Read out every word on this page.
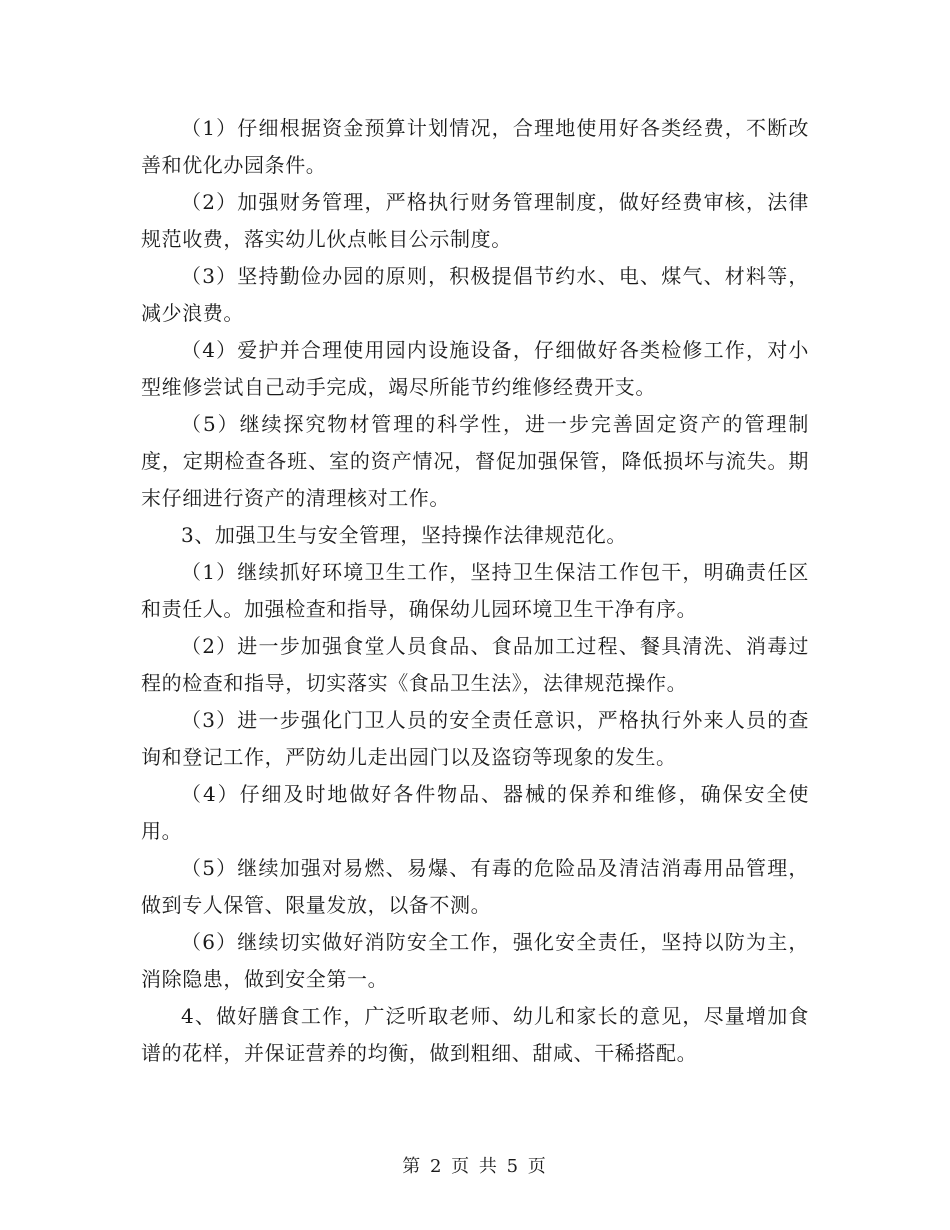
（1）仔细根据资金预算计划情况，合理地使用好各类经费，不断改善和优化办园条件。

（2）加强财务管理，严格执行财务管理制度，做好经费审核，法律规范收费，落实幼儿伙点帐目公示制度。

（3）坚持勤俭办园的原则，积极提倡节约水、电、煤气、材料等，减少浪费。

（4）爱护并合理使用园内设施设备，仔细做好各类检修工作，对小型维修尝试自己动手完成，竭尽所能节约维修经费开支。

（5）继续探究物材管理的科学性，进一步完善固定资产的管理制度，定期检查各班、室的资产情况，督促加强保管，降低损坏与流失。期末仔细进行资产的清理核对工作。

3、加强卫生与安全管理，坚持操作法律规范化。

（1）继续抓好环境卫生工作，坚持卫生保洁工作包干，明确责任区和责任人。加强检查和指导，确保幼儿园环境卫生干净有序。

（2）进一步加强食堂人员食品、食品加工过程、餐具清洗、消毒过程的检查和指导，切实落实《食品卫生法》，法律规范操作。

（3）进一步强化门卫人员的安全责任意识，严格执行外来人员的查询和登记工作，严防幼儿走出园门以及盗窃等现象的发生。

（4）仔细及时地做好各件物品、器械的保养和维修，确保安全使用。

（5）继续加强对易燃、易爆、有毒的危险品及清洁消毒用品管理，做到专人保管、限量发放，以备不测。

（6）继续切实做好消防安全工作，强化安全责任，坚持以防为主，消除隐患，做到安全第一。

4、做好膳食工作，广泛听取老师、幼儿和家长的意见，尽量增加食谱的花样，并保证营养的均衡，做到粗细、甜咸、干稀搭配。

第 2 页 共 5 页
